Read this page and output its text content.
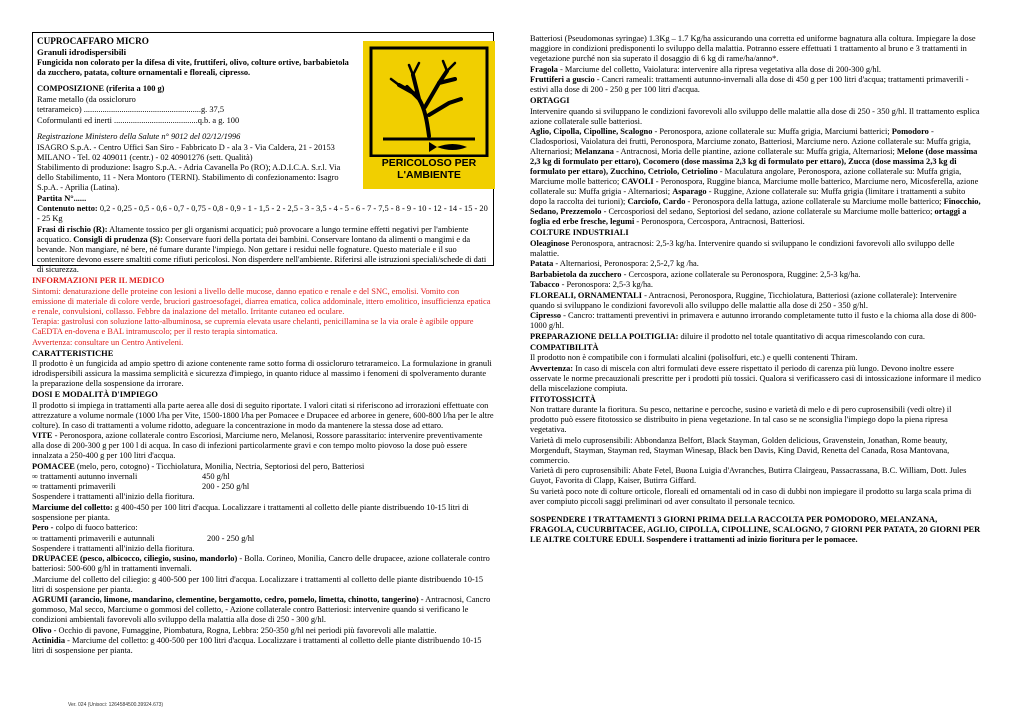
CUPROCAFFARO MICRO

Granuli idrodispersibili

Fungicida non colorato per la difesa di vite, fruttiferi, olivo, colture ortive, barbabietola da zucchero, patata, colture ornamentali e floreali, cipresso.

COMPOSIZIONE (riferita a 100 g)

Rame metallo (da ossicloruro

tetrarameico) ........................................................g. 37,5

Coformulanti ed inerti ........................................q.b. a g. 100

Registrazione Ministero della Salute n° 9012 del 02/12/1996

ISAGRO S.p.A. - Centro Uffici San Siro - Fabbricato D - ala 3 - Via Caldera, 21 - 20153 MILANO - Tel. 02 409011 (centr.) - 02 40901276 (sett. Qualità)

Stabilimento di produzione: Isagro S.p.A. - Adria Cavanella Po (RO); A.D.I.C.A. S.r.l. Via dello Stabilimento, 11 - Nera Montoro (TERNI). Stabilimento di confezionamento: Isagro S.p.A. - Aprilia (Latina).

Partita N°......

Contenuto netto: 0,2 - 0,25 - 0,5 - 0,6 - 0,7 - 0,75 - 0,8 - 0,9 - 1 - 1,5 - 2 - 2,5 - 3 - 3,5 - 4 - 5 - 6 - 7 - 7,5 - 8 - 9 - 10 - 12 - 14 - 15 - 20 - 25 Kg

Frasi di rischio (R): Altamente tossico per gli organismi acquatici; può provocare a lungo termine effetti negativi per l'ambiente acquatico. Consigli di prudenza (S): Conservare fuori della portata dei bambini. Conservare lontano da alimenti o mangimi e da bevande. Non mangiare, né bere, né fumare durante l'impiego. Non gettare i residui nelle fognature. Questo materiale e il suo contenitore devono essere smaltiti come rifiuti pericolosi. Non disperdere nell'ambiente. Riferirsi alle istruzioni speciali/schede di dati di sicurezza.

PERICOLOSO PER L'AMBIENTE

INFORMAZIONI PER IL MEDICO

Sintomi: denaturazione delle proteine con lesioni a livello delle mucose, danno epatico e renale e del SNC, emolisi. Vomito con emissione di materiale di colore verde, bruciori gastroesofagei, diarrea ematica, colica addominale, ittero emolitico, insufficienza epatica e renale, convulsioni, collasso. Febbre da inalazione del metallo. Irritante cutaneo ed oculare.

Terapia: gastrolusi con soluzione latto-albuminosa, se cupremia elevata usare chelanti, penicillamina se la via orale è agibile oppure CaEDTA en-dovena e BAL intramuscolo; per il resto terapia sintomatica.

Avvertenza: consultare un Centro Antiveleni.

CARATTERISTICHE

Il prodotto è un fungicida ad ampio spettro di azione contenente rame sotto forma di ossicloruro tetrarameico. La formulazione in granuli idrodispersibili assicura la massima semplicità e sicurezza d'impiego, in quanto riduce al massimo i fenomeni di spolveramento durante la preparazione della sospensione da irrorare.

DOSI E MODALITÀ D'IMPIEGO

Il prodotto si impiega in trattamenti alla parte aerea alle dosi di seguito riportate. I valori citati si riferiscono ad irrorazioni effettuate con attrezzature a volume normale (1000 l/ha per Vite, 1500-1800 l/ha per Pomacee e Drupacee ed arboree in genere, 600-800 l/ha per le altre colture). In caso di trattamenti a volume ridotto, adeguare la concentrazione in modo da mantenere la stessa dose ad ettaro.

VITE - Peronospora, azione collaterale contro Escoriosi, Marciume nero, Melanosi, Rossore parassitario: intervenire preventivamente alla dose di 200-300 g per 100 l di acqua. In caso di infezioni particolarmente gravi e con tempo molto piovoso la dose può essere innalzata a 250-400 g per 100 litri d'acqua.

POMACEE (melo, pero, cotogno) - Ticchiolatura, Monilia, Nectria, Septoriosi del pero, Batteriosi

∞ trattamenti autunno invernali	450 g/hl
∞ trattamenti primaverili	200 - 250 g/hl

Sospendere i trattamenti all'inizio della fioritura.

Marciume del colletto: g 400-450 per 100 litri d'acqua. Localizzare i trattamenti al colletto delle piante distribuendo 10-15 litri di sospensione per pianta.

Pero - colpo di fuoco batterico:

∞ trattamenti primaverili e autunnali	200 - 250 g/hl

Sospendere i trattamenti all'inizio della fioritura.

DRUPACEE (pesco, albicocco, ciliegio, susino, mandorlo) - Bolla. Corineo, Monilia, Cancro delle drupacee, azione collaterale contro batteriosi: 500-600 g/hl in trattamenti invernali.

.Marciume del colletto del ciliegio: g 400-500 per 100 litri d'acqua. Localizzare i trattamenti al colletto delle piante distribuendo 10-15 litri di sospensione per pianta.

AGRUMI (arancio, limone, mandarino, clementine, bergamotto, cedro, pomelo, limetta, chinotto, tangerino) - Antracnosi, Cancro gommoso, Mal secco, Marciume o gommosi del colletto, - Azione collaterale contro Batteriosi: intervenire quando si verificano le condizioni ambientali favorevoli allo sviluppo della malattia alla dose di 250 - 300 g/hl.

Olivo - Occhio di pavone, Fumaggine, Piombatura, Rogna, Lebbra: 250-350 g/hl nei periodi più favorevoli alle malattie.

Actinidia - Marciume del colletto: g 400-500 per 100 litri d'acqua. Localizzare i trattamenti al colletto delle piante distribuendo 10-15 litri di sospensione per pianta.

Ver. 024 (Unisoci: 1264584500.39924.673)

Batteriosi (Pseudomonas syringae) 1.3Kg – 1.7 Kg/ha assicurando una corretta ed uniforme bagnatura alla coltura. Impiegare la dose maggiore in condizioni predisponenti lo sviluppo della malattia. Potranno essere effettuati 1 trattamento al bruno e 3 trattamenti in vegetazione purché non sia superato il dosaggio di 6 kg di rame/ha/anno*.

Fragola - Marciume del colletto, Vaiolatura: intervenire alla ripresa vegetativa alla dose di 200-300 g/hl.

Fruttiferi a guscio - Cancri rameali: trattamenti autunno-invernali alla dose di 450 g per 100 litri d'acqua; trattamenti primaverili - estivi alla dose di 200 - 250 g per 100 litri d'acqua.

ORTAGGI

Intervenire quando si sviluppano le condizioni favorevoli allo sviluppo delle malattie alla dose di 250 - 350 g/hl. Il trattamento esplica azione collaterale sulle batteriosi.

Aglio, Cipolla, Cipolline, Scalogno - Peronospora, azione collaterale su: Muffa grigia, Marciumi batterici; Pomodoro - Cladosporiosi, Vaiolatura dei frutti, Peronospora, Marciume zonato, Batteriosi, Marciume nero. Azione collaterale su: Muffa grigia, Alternariosi; Melanzana - Antracnosi, Moria delle piantine, azione collaterale su: Muffa grigia, Alternariosi; Melone (dose massima 2,3 kg di formulato per ettaro), Cocomero (dose massima 2,3 kg di formulato per ettaro), Zucca (dose massima 2,3 kg di formulato per ettaro), Zucchino, Cetriolo, Cetriolino - Maculatura angolare, Peronospora, azione collaterale su: Muffa grigia, Marciume molle batterico; CAVOLI - Peronospora, Ruggine bianca, Marciume molle batterico, Marciume nero, Micosferella, azione collaterale su: Muffa grigia - Alternariosi; Asparago - Ruggine, Azione collaterale su: Muffa grigia (limitare i trattamenti a subito dopo la raccolta dei turioni); Carciofo, Cardo - Peronospora della lattuga, azione collaterale su Marciume molle batterico; Finocchio, Sedano, Prezzemolo - Cercosporiosi del sedano, Septoriosi del sedano, azione collaterale su Marciume molle batterico; ortaggi a foglia ed erbe fresche, legumi - Peronospora, Cercospora, Antracnosi, Batteriosi.

COLTURE INDUSTRIALI

Oleaginose Peronospora, antracnosi: 2,5-3 kg/ha. Intervenire quando si sviluppano le condizioni favorevoli allo sviluppo delle malattie.

Patata - Alternariosi, Peronospora: 2,5-2,7 kg /ha.

Barbabietola da zucchero - Cercospora, azione collaterale su Peronospora, Ruggine: 2,5-3 kg/ha.

Tabacco - Peronospora: 2,5-3 kg/ha.

FLOREALI, ORNAMENTALI - Antracnosi, Peronospora, Ruggine, Ticchiolatura, Batteriosi (azione collaterale): Intervenire quando si sviluppano le condizioni favorevoli allo sviluppo delle malattie alla dose di 250 - 350 g/hl.

Cipresso - Cancro: trattamenti preventivi in primavera e autunno irrorando completamente tutto il fusto e la chioma alla dose di 800-1000 g/hl.

PREPARAZIONE DELLA POLTIGLIA: diluire il prodotto nel totale quantitativo di acqua rimescolando con cura.

COMPATIBILITÀ

Il prodotto non è compatibile con i formulati alcalini (polisolfuri, etc.) e quelli contenenti Thiram.

Avvertenza: In caso di miscela con altri formulati deve essere rispettato il periodo di carenza più lungo. Devono inoltre essere osservate le norme precauzionali prescritte per i prodotti più tossici. Qualora si verificassero casi di intossicazione informare il medico della miscelazione compiuta.

FITOTOSSICITÀ

Non trattare durante la fioritura. Su pesco, nettarine e percoche, susino e varietà di melo e di pero cuprosensibili (vedi oltre) il prodotto può essere fitotossico se distribuito in piena vegetazione. In tal caso se ne sconsiglia l'impiego dopo la piena ripresa vegetativa.

Varietà di melo cuprosensibili: Abbondanza Belfort, Black Stayman, Golden delicious, Gravenstein, Jonathan, Rome beauty, Morgenduft, Stayman, Stayman red, Stayman Winesap, Black ben Davis, King David, Renetta del Canada, Rosa Mantovana, commercio.

Varietà di pero cuprosensibili: Abate Fetel, Buona Luigia d'Avranches, Butirra Clairgeau, Passacrassana, B.C. William, Dott. Jules Guyot, Favorita di Clapp, Kaiser, Butirra Giffard.

Su varietà poco note di colture orticole, floreali ed ornamentali od in caso di dubbi non impiegare il prodotto su larga scala prima di aver compiuto piccoli saggi preliminari od aver consultato il personale tecnico.

SOSPENDERE I TRATTAMENTI 3 GIORNI PRIMA DELLA RACCOLTA PER POMODORO, MELANZANA, FRAGOLA, CUCURBITACEE, AGLIO, CIPOLLA, CIPOLLINE, SCALOGNO, 7 GIORNI PER PATATA, 20 GIORNI PER LE ALTRE COLTURE EDULI. Sospendere i trattamenti ad inizio fioritura per le pomacee.
